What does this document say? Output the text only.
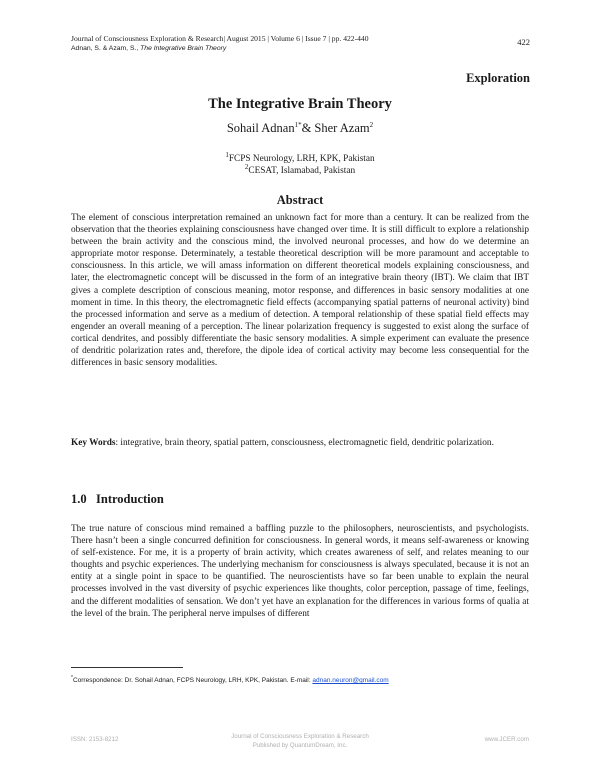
Journal of Consciousness Exploration & Research| August 2015 | Volume 6 | Issue 7 | pp. 422-440
Adnan, S. & Azam, S., The Integrative Brain Theory
422
Exploration
The Integrative Brain Theory
Sohail Adnan$^{1*}$& Sher Azam$^2$
$^1$FCPS Neurology, LRH, KPK, Pakistan
$^2$CESAT, Islamabad, Pakistan
Abstract

The element of conscious interpretation remained an unknown fact for more than a century. It can be realized from the observation that the theories explaining consciousness have changed over time. It is still difficult to explore a relationship between the brain activity and the conscious mind, the involved neuronal processes, and how do we determine an appropriate motor response. Determinately, a testable theoretical description will be more paramount and acceptable to consciousness. In this article, we will amass information on different theoretical models explaining consciousness, and later, the electromagnetic concept will be discussed in the form of an integrative brain theory (IBT). We claim that IBT gives a complete description of conscious meaning, motor response, and differences in basic sensory modalities at one moment in time. In this theory, the electromagnetic field effects (accompanying spatial patterns of neuronal activity) bind the processed information and serve as a medium of detection. A temporal relationship of these spatial field effects may engender an overall meaning of a perception. The linear polarization frequency is suggested to exist along the surface of cortical dendrites, and possibly differentiate the basic sensory modalities. A simple experiment can evaluate the presence of dendritic polarization rates and, therefore, the dipole idea of cortical activity may become less consequential for the differences in basic sensory modalities.

Key Words: integrative, brain theory, spatial pattern, consciousness, electromagnetic field, dendritic polarization.

1.0   Introduction

The true nature of conscious mind remained a baffling puzzle to the philosophers, neuroscientists, and psychologists. There hasn’t been a single concurred definition for consciousness. In general words, it means self-awareness or knowing of self-existence. For me, it is a property of brain activity, which creates awareness of self, and relates meaning to our thoughts and psychic experiences. The underlying mechanism for consciousness is always speculated, because it is not an entity at a single point in space to be quantified. The neuroscientists have so far been unable to explain the neural processes involved in the vast diversity of psychic experiences like thoughts, color perception, passage of time, feelings, and the different modalities of sensation. We don’t yet have an explanation for the differences in various forms of qualia at the level of the brain. The peripheral nerve impulses of different

*Correspondence: Dr. Sohail Adnan, FCPS Neurology, LRH, KPK, Pakistan. E-mail: adnan.neuron@gmail.com
ISSN: 2153-8212	Journal of Consciousness Exploration & Research
Published by QuantumDream, Inc.
www.JCER.com
